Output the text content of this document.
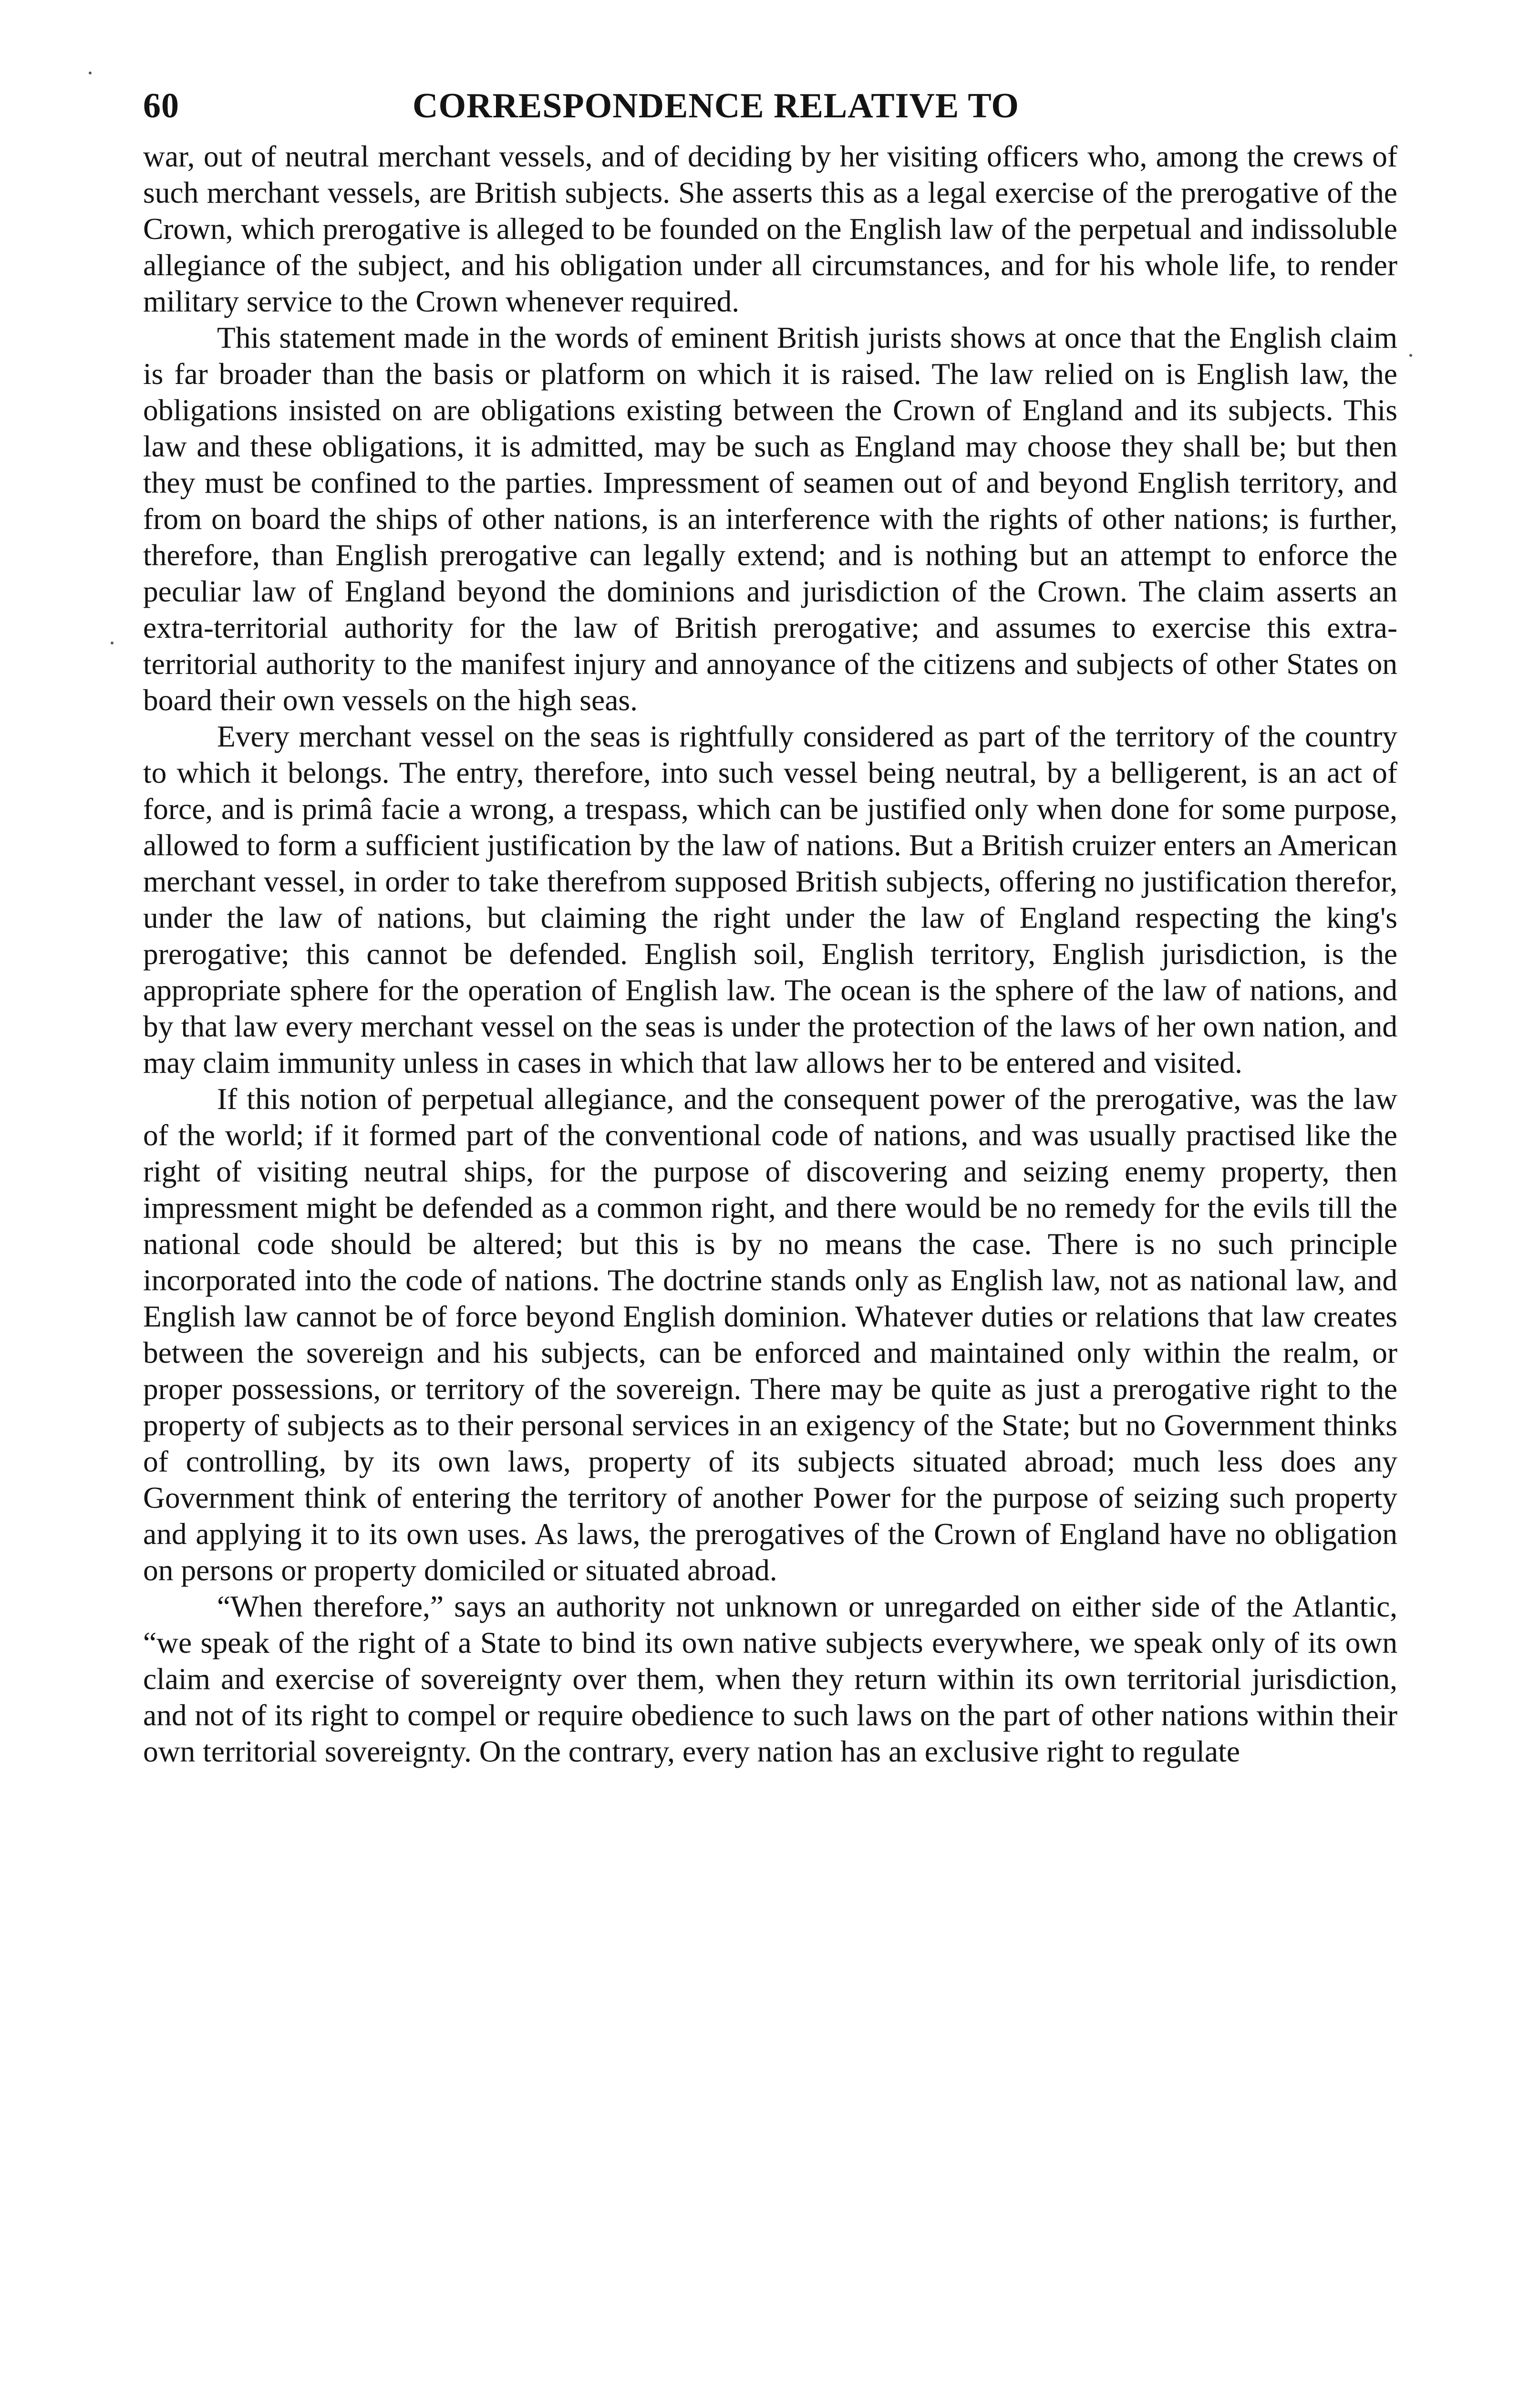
60	CORRESPONDENCE RELATIVE TO

war, out of neutral merchant vessels, and of deciding by her visiting officers who, among the crews of such merchant vessels, are British subjects. She asserts this as a legal exercise of the prerogative of the Crown, which prerogative is alleged to be founded on the English law of the perpetual and indissoluble allegiance of the subject, and his obligation under all circumstances, and for his whole life, to render military service to the Crown whenever required.

This statement made in the words of eminent British jurists shows at once that the English claim is far broader than the basis or platform on which it is raised. The law relied on is English law, the obligations insisted on are obligations existing between the Crown of England and its subjects. This law and these obligations, it is admitted, may be such as England may choose they shall be; but then they must be confined to the parties. Impressment of seamen out of and beyond English territory, and from on board the ships of other nations, is an interference with the rights of other nations; is further, therefore, than English prerogative can legally extend; and is nothing but an attempt to enforce the peculiar law of England beyond the dominions and jurisdiction of the Crown. The claim asserts an extra-territorial authority for the law of British prerogative; and assumes to exercise this extra-territorial authority to the manifest injury and annoyance of the citizens and subjects of other States on board their own vessels on the high seas.

Every merchant vessel on the seas is rightfully considered as part of the territory of the country to which it belongs. The entry, therefore, into such vessel being neutral, by a belligerent, is an act of force, and is primâ facie a wrong, a trespass, which can be justified only when done for some purpose, allowed to form a sufficient justification by the law of nations. But a British cruizer enters an American merchant vessel, in order to take therefrom supposed British subjects, offering no justification therefor, under the law of nations, but claiming the right under the law of England respecting the king's prerogative; this cannot be defended. English soil, English territory, English jurisdiction, is the appropriate sphere for the operation of English law. The ocean is the sphere of the law of nations, and by that law every merchant vessel on the seas is under the protection of the laws of her own nation, and may claim immunity unless in cases in which that law allows her to be entered and visited.

If this notion of perpetual allegiance, and the consequent power of the prerogative, was the law of the world; if it formed part of the conventional code of nations, and was usually practised like the right of visiting neutral ships, for the purpose of discovering and seizing enemy property, then impressment might be defended as a common right, and there would be no remedy for the evils till the national code should be altered; but this is by no means the case. There is no such principle incorporated into the code of nations. The doctrine stands only as English law, not as national law, and English law cannot be of force beyond English dominion. Whatever duties or relations that law creates between the sovereign and his subjects, can be enforced and maintained only within the realm, or proper possessions, or territory of the sovereign. There may be quite as just a prerogative right to the property of subjects as to their personal services in an exigency of the State; but no Government thinks of controlling, by its own laws, property of its subjects situated abroad; much less does any Government think of entering the territory of another Power for the purpose of seizing such property and applying it to its own uses. As laws, the prerogatives of the Crown of England have no obligation on persons or property domiciled or situated abroad.

“When therefore,” says an authority not unknown or unregarded on either side of the Atlantic, “we speak of the right of a State to bind its own native subjects everywhere, we speak only of its own claim and exercise of sovereignty over them, when they return within its own territorial jurisdiction, and not of its right to compel or require obedience to such laws on the part of other nations within their own territorial sovereignty. On the contrary, every nation has an exclusive right to regulate
